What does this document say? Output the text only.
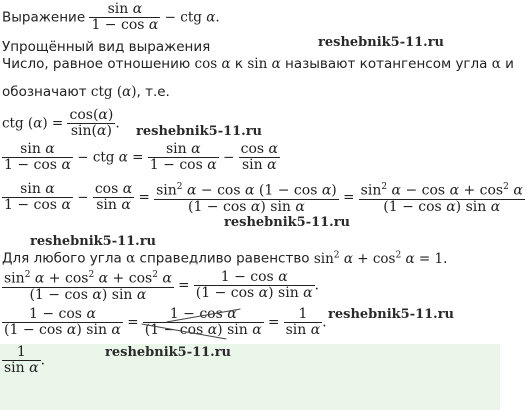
Выражение $\frac{\text{sin α}}{\text{1 − cos α}}$ − ctg α.
Упрощённый вид выражения	reshebnik5-11.ru
Число, равное отношению cos α к sin α называют котангенсом угла α и
обозначают ctg (α), т.е.
ctg $(\alpha) = \frac{\cos(\alpha)}{\sin(\alpha)}$ . reshebnik5-11.ru
$\frac{\text{sin α}}{\text{1 − cos α}}$ − ctg $\alpha = \frac{\text{sin α}}{\text{1 − cos α}} - \frac{\text{cos α}}{\text{sin α}}$
$\frac{\text{sin α}}{\text{1 − cos α}} - \frac{\text{cos α}}{\text{sin α}} = \frac{\sin^2 \alpha - \cos \alpha (1 - \cos \alpha)}{\text{(1 − cos α) sin α}} = \frac{\sin^2 \alpha - \cos \alpha + \cos^2 \alpha}{\text{(1 − cos α) sin α}}$
reshebnik5-11.ru
reshebnik5-11.ru
Для любого угла α справедливо равенство $\sin^2 \alpha + \cos^2 \alpha = 1$.
$\frac{\sin^2 \alpha + \cos^2 \alpha + \cos^2 \alpha}{\text{(1 − cos α) sin α}} = \frac{\text{1 − cos α}}{\text{(1 − cos α) sin α}}$ .
$\frac{\text{1 − cos α}}{\text{(1 − cos α) sin α}} = \frac{\text{1 − cos α}}{\text{(1 − cos α) sin α}} = \frac{1}{\text{sin α}}$ . reshebnik5-11.ru
reshebnik5-11.ru
$\frac{1}{\text{sin α}}$ .
